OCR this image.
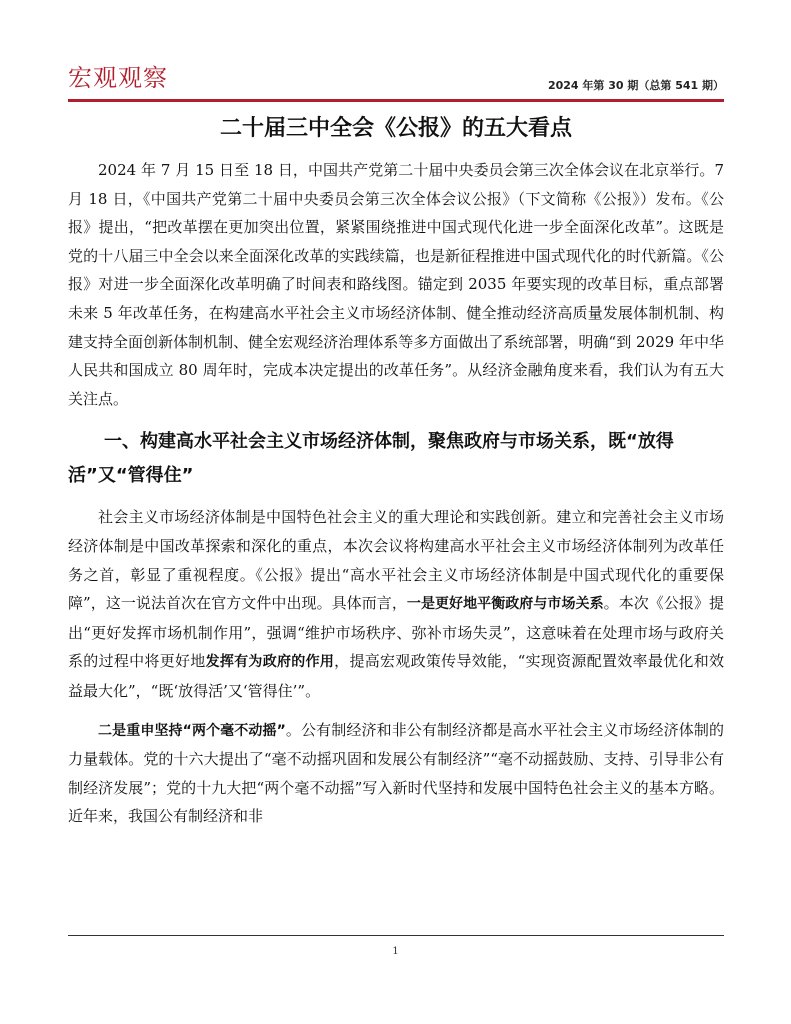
宏观观察	2024 年第 30 期（总第 541 期）
二十届三中全会《公报》的五大看点

2024 年 7 月 15 日至 18 日，中国共产党第二十届中央委员会第三次全体会议在北京举行。7 月 18 日，《中国共产党第二十届中央委员会第三次全体会议公报》（下文简称《公报》）发布。《公报》提出，“把改革摆在更加突出位置，紧紧围绕推进中国式现代化进一步全面深化改革”。这既是党的十八届三中全会以来全面深化改革的实践续篇，也是新征程推进中国式现代化的时代新篇。《公报》对进一步全面深化改革明确了时间表和路线图。锚定到 2035 年要实现的改革目标，重点部署未来 5 年改革任务，在构建高水平社会主义市场经济体制、健全推动经济高质量发展体制机制、构建支持全面创新体制机制、健全宏观经济治理体系等多方面做出了系统部署，明确“到 2029 年中华人民共和国成立 80 周年时，完成本决定提出的改革任务”。从经济金融角度来看，我们认为有五大关注点。

一、构建高水平社会主义市场经济体制，聚焦政府与市场关系，既“放得活”又“管得住”

社会主义市场经济体制是中国特色社会主义的重大理论和实践创新。建立和完善社会主义市场经济体制是中国改革探索和深化的重点，本次会议将构建高水平社会主义市场经济体制列为改革任务之首，彰显了重视程度。《公报》提出“高水平社会主义市场经济体制是中国式现代化的重要保障”，这一说法首次在官方文件中出现。具体而言，一是更好地平衡政府与市场关系。本次《公报》提出“更好发挥市场机制作用”，强调“维护市场秩序、弥补市场失灵”，这意味着在处理市场与政府关系的过程中将更好地发挥有为政府的作用，提高宏观政策传导效能，“实现资源配置效率最优化和效益最大化”，“既‘放得活’又‘管得住’”。

二是重申坚持“两个毫不动摇”。公有制经济和非公有制经济都是高水平社会主义市场经济体制的力量载体。党的十六大提出了“毫不动摇巩固和发展公有制经济”“毫不动摇鼓励、支持、引导非公有制经济发展”；党的十九大把“两个毫不动摇”写入新时代坚持和发展中国特色社会主义的基本方略。近年来，我国公有制经济和非

1
